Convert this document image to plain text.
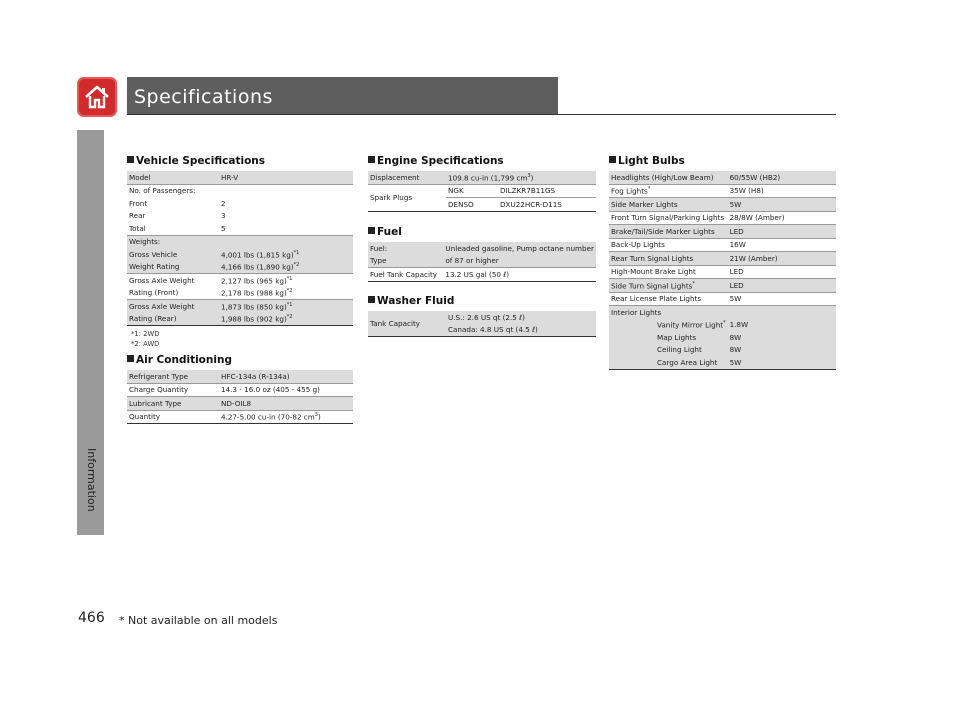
Specifications
Information
Vehicle Specifications
Model	HR-V
No. of Passengers:	
Front	2
Rear	3
Total	5
Weights:	
Gross Vehicle	4,001 lbs (1,815 kg)$^{*1}$
Weight Rating	4,166 lbs (1,890 kg)$^{*2}$
Gross Axle Weight	2,127 lbs (965 kg)$^{*1}$
Rating (Front)	2,178 lbs (988 kg)$^{*2}$
Gross Axle Weight	1,873 lbs (850 kg)$^{*1}$
Rating (Rear)	1,988 lbs (902 kg)$^{*2}$
*1: 2WD
*2: AWD
Air Conditioning
Refrigerant Type	HFC-134a (R-134a)
Charge Quantity	14.3 - 16.0 oz (405 - 455 g)
Lubricant Type	ND-OIL8
Quantity	4.27-5.00 cu-in (70-82 $cm^3$)
Engine Specifications
Displacement	109.8 cu-in (1,799 $cm^3$)	
Spark Plugs	NGK	DILZKR7B11GS
	DENSO	DXU22HCR-D11S
Fuel
Fuel:	Unleaded gasoline, Pump octane number
Type	of 87 or higher
Fuel Tank Capacity	13.2 US gal (50 ℓ)
Washer Fluid
Tank Capacity	U.S.: 2.6 US qt (2.5 ℓ)
Canada: 4.8 US qt (4.5 ℓ)
Light Bulbs
Headlights (High/Low Beam)	60/55W (HB2)
Fog Lights*	35W (H8)
Side Marker Lights	5W
Front Turn Signal/Parking Lights	28/8W (Amber)
Brake/Tail/Side Marker Lights	LED
Back-Up Lights	16W
Rear Turn Signal Lights	21W (Amber)
High-Mount Brake Light	LED
Side Turn Signal Lights*	LED
Rear License Plate Lights	5W
Interior Lights	
Vanity Mirror Light*	1.8W
Map Lights	8W
Ceiling Light	8W
Cargo Area Light	5W
466 * Not available on all models
